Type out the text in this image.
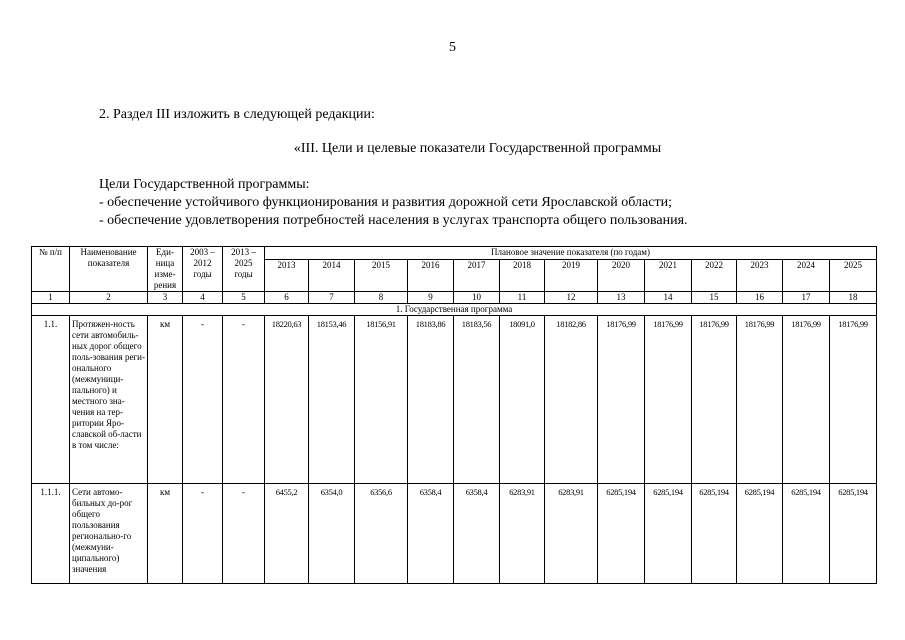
5
2. Раздел III изложить в следующей редакции:
«III. Цели и целевые показатели Государственной программы
Цели Государственной программы:
- обеспечение устойчивого функционирования и развития дорожной сети Ярославской области;
- обеспечение удовлетворения потребностей населения в услугах транспорта общего пользования.
№ п/п	Наименование показателя	Еди-ница изме-рения	2003 – 2012 годы	2013 – 2025 годы	Плановое значение показателя (по годам)												
					2013	2014	2015	2016	2017	2018	2019	2020	2021	2022	2023	2024	2025
1	2	3	4	5	6	7	8	9	10	11	12	13	14	15	16	17	18
1. Государственная программа																	
1.1.	Протяжен-ность сети автомобиль-ных дорог общего поль-зования реги-онального (межмуници-пального) и местного зна-чения на тер-ритории Яро-славской об-ласти в том числе:	км	-	-	18220,63	18153,46	18156,91	18183,86	18183,56	18091,0	18182,86	18176,99	18176,99	18176,99	18176,99	18176,99	18176,99
1.1.1.	Сети автомо-бильных до-рог общего пользования регионально-го (межмуни-ципального) значения	км	-	-	6455,2	6354,0	6356,6	6358,4	6358,4	6283,91	6283,91	6285,194	6285,194	6285,194	6285,194	6285,194	6285,194
